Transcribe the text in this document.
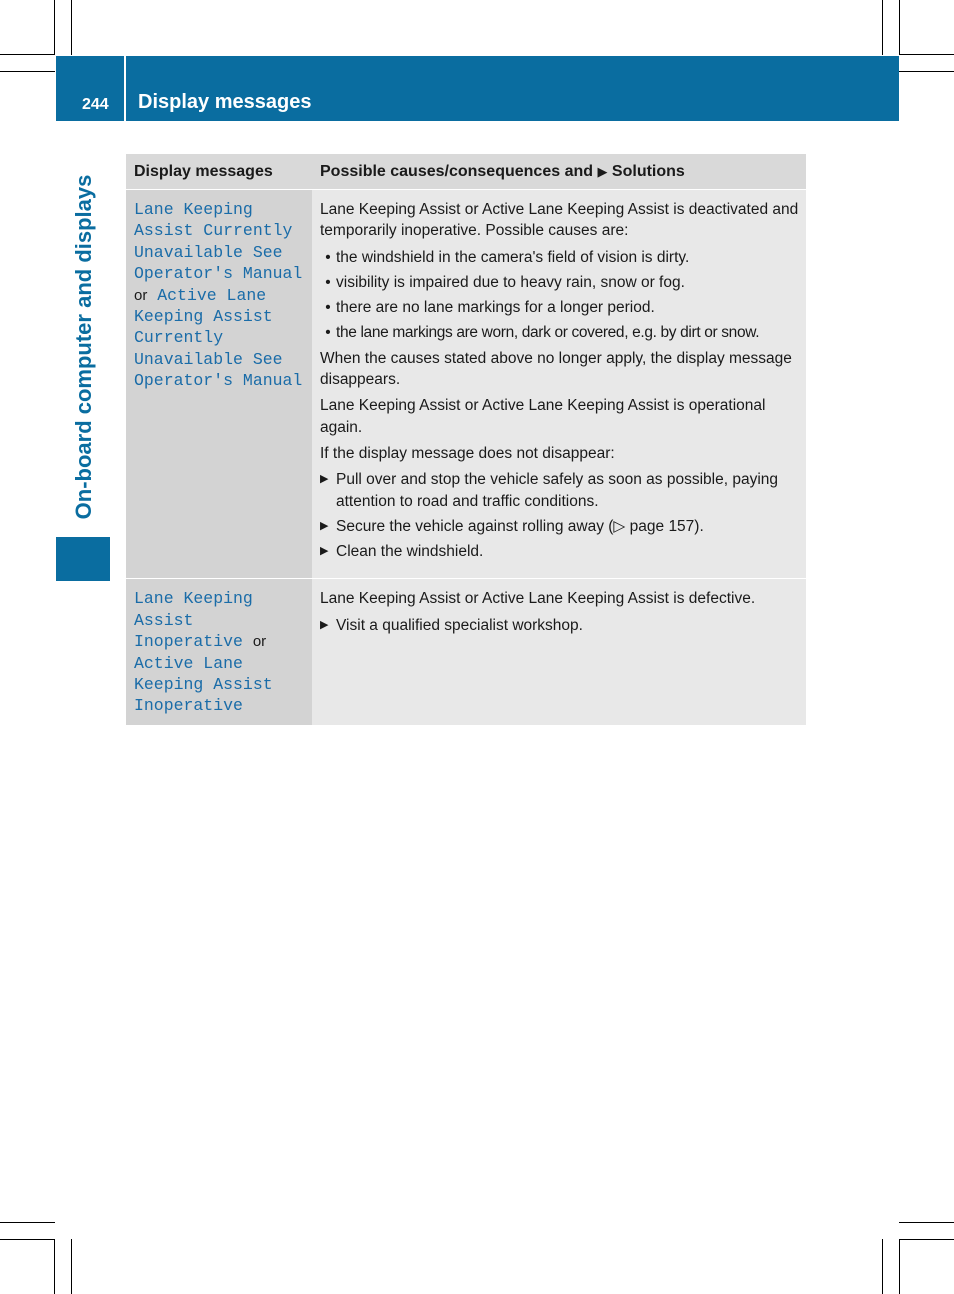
244 Display messages
On-board computer and displays
Display messages	Possible causes/consequences and ▶ Solutions
Lane Keeping Assist Currently Unavailable See Operator's Manual or Active Lane Keeping Assist Currently Unavailable See Operator's Manual

Lane Keeping Assist or Active Lane Keeping Assist is deactivated and temporarily inoperative. Possible causes are:

• the windshield in the camera's field of vision is dirty.
• visibility is impaired due to heavy rain, snow or fog.
• there are no lane markings for a longer period.
• the lane markings are worn, dark or covered, e.g. by dirt or snow.

When the causes stated above no longer apply, the display message disappears.

Lane Keeping Assist or Active Lane Keeping Assist is operational again.

If the display message does not disappear:

▶ Pull over and stop the vehicle safely as soon as possible, paying attention to road and traffic conditions.
▶ Secure the vehicle against rolling away (▷ page 157).
▶ Clean the windshield.
Lane Keeping Assist Inoperative or Active Lane Keeping Assist Inoperative

Lane Keeping Assist or Active Lane Keeping Assist is defective.

▶ Visit a qualified specialist workshop.
